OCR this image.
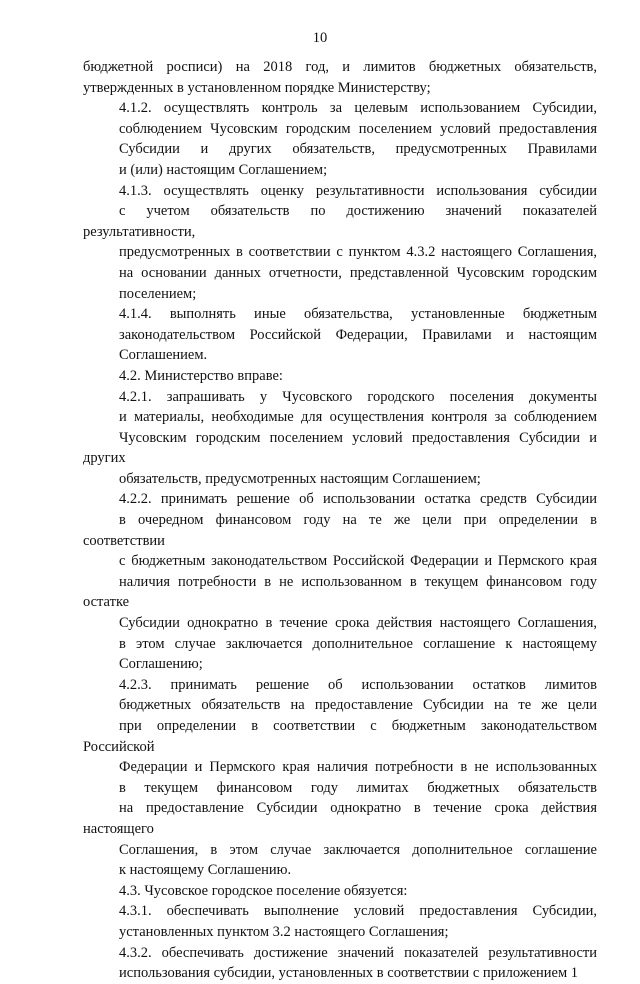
10

бюджетной росписи) на 2018 год, и лимитов бюджетных обязательств,
утвержденных в установленном порядке Министерству;

4.1.2. осуществлять контроль за целевым использованием Субсидии,
соблюдением Чусовским городским поселением условий предоставления
Субсидии и других обязательств, предусмотренных Правилами
и (или) настоящим Соглашением;

4.1.3. осуществлять оценку результативности использования субсидии
с учетом обязательств по достижению значений показателей результативности,
предусмотренных в соответствии с пунктом 4.3.2 настоящего Соглашения,
на основании данных отчетности, представленной Чусовским городским
поселением;

4.1.4. выполнять иные обязательства, установленные бюджетным
законодательством Российской Федерации, Правилами и настоящим
Соглашением.

4.2. Министерство вправе:

4.2.1. запрашивать у Чусовского городского поселения документы
и материалы, необходимые для осуществления контроля за соблюдением
Чусовским городским поселением условий предоставления Субсидии и других
обязательств, предусмотренных настоящим Соглашением;

4.2.2. принимать решение об использовании остатка средств Субсидии
в очередном финансовом году на те же цели при определении в соответствии
с бюджетным законодательством Российской Федерации и Пермского края
наличия потребности в не использованном в текущем финансовом году остатке
Субсидии однократно в течение срока действия настоящего Соглашения,
в этом случае заключается дополнительное соглашение к настоящему
Соглашению;

4.2.3. принимать решение об использовании остатков лимитов
бюджетных обязательств на предоставление Субсидии на те же цели
при определении в соответствии с бюджетным законодательством Российской
Федерации и Пермского края наличия потребности в не использованных
в текущем финансовом году лимитах бюджетных обязательств
на предоставление Субсидии однократно в течение срока действия настоящего
Соглашения, в этом случае заключается дополнительное соглашение
к настоящему Соглашению.

4.3. Чусовское городское поселение обязуется:

4.3.1. обеспечивать выполнение условий предоставления Субсидии,
установленных пунктом 3.2 настоящего Соглашения;

4.3.2. обеспечивать достижение значений показателей результативности
использования субсидии, установленных в соответствии с приложением 1
